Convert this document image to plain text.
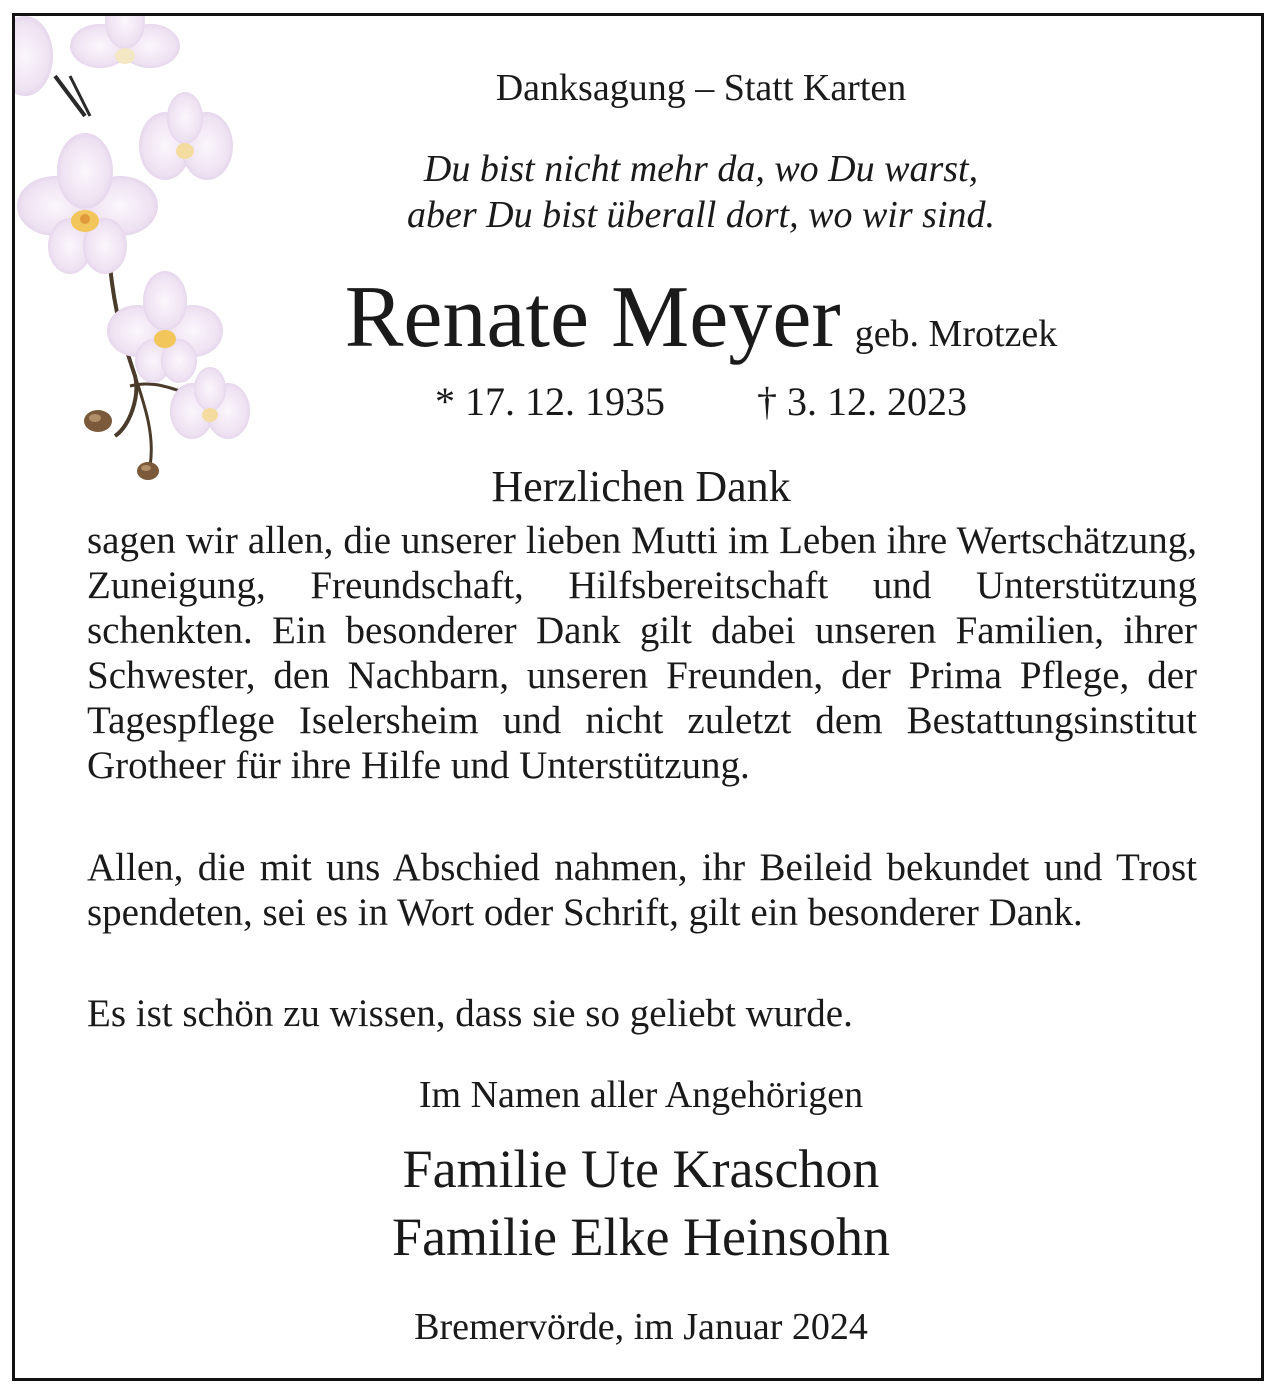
Danksagung – Statt Karten
Du bist nicht mehr da, wo Du warst,
aber Du bist überall dort, wo wir sind.
Renate Meyer geb. Mrotzek
* 17. 12. 1935 † 3. 12. 2023
Herzlichen Dank
sagen wir allen, die unserer lieben Mutti im Leben ihre Wertschätzung, Zuneigung, Freundschaft, Hilfsbereitschaft und Unterstützung schenkten. Ein besonderer Dank gilt dabei unseren Familien, ihrer Schwester, den Nachbarn, unseren Freunden, der Prima Pflege, der Tagespflege Iselersheim und nicht zuletzt dem Bestattungsinstitut Grotheer für ihre Hilfe und Unterstützung.
Allen, die mit uns Abschied nahmen, ihr Beileid bekundet und Trost spendeten, sei es in Wort oder Schrift, gilt ein besonderer Dank.
Es ist schön zu wissen, dass sie so geliebt wurde.
Im Namen aller Angehörigen
Familie Ute Kraschon
Familie Elke Heinsohn
Bremervörde, im Januar 2024
